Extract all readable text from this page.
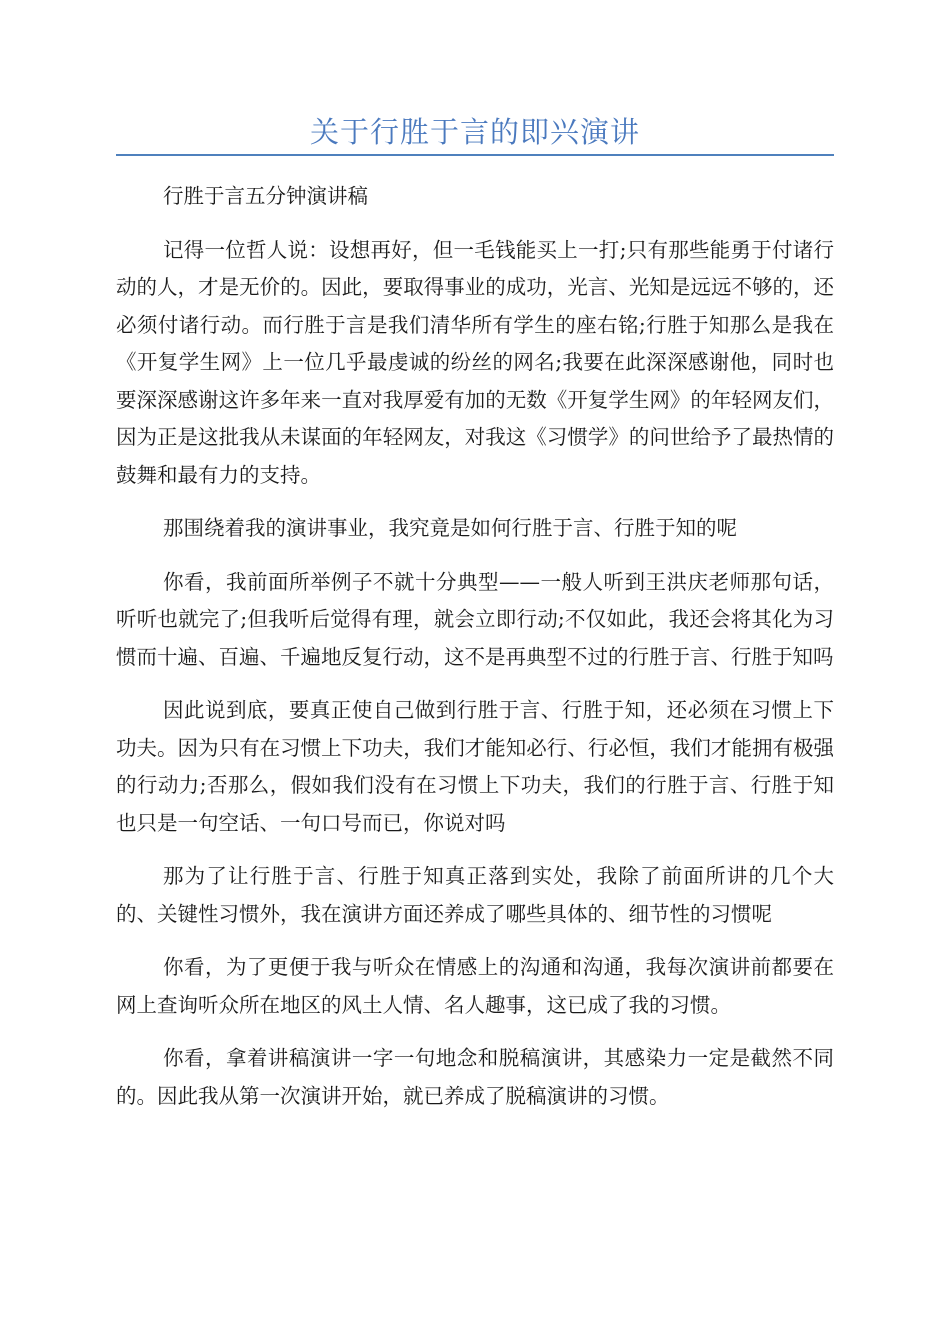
关于行胜于言的即兴演讲

行胜于言五分钟演讲稿

记得一位哲人说：设想再好，但一毛钱能买上一打;只有那些能勇于付诸行动的人，才是无价的。因此，要取得事业的成功，光言、光知是远远不够的，还必须付诸行动。而行胜于言是我们清华所有学生的座右铭;行胜于知那么是我在《开复学生网》上一位几乎最虔诚的纷丝的网名;我要在此深深感谢他，同时也要深深感谢这许多年来一直对我厚爱有加的无数《开复学生网》的年轻网友们，因为正是这批我从未谋面的年轻网友，对我这《习惯学》的问世给予了最热情的鼓舞和最有力的支持。

那围绕着我的演讲事业，我究竟是如何行胜于言、行胜于知的呢

你看，我前面所举例子不就十分典型——一般人听到王洪庆老师那句话，听听也就完了;但我听后觉得有理，就会立即行动;不仅如此，我还会将其化为习惯而十遍、百遍、千遍地反复行动，这不是再典型不过的行胜于言、行胜于知吗

因此说到底，要真正使自己做到行胜于言、行胜于知，还必须在习惯上下功夫。因为只有在习惯上下功夫，我们才能知必行、行必恒，我们才能拥有极强的行动力;否那么，假如我们没有在习惯上下功夫，我们的行胜于言、行胜于知也只是一句空话、一句口号而已，你说对吗

那为了让行胜于言、行胜于知真正落到实处，我除了前面所讲的几个大的、关键性习惯外，我在演讲方面还养成了哪些具体的、细节性的习惯呢

你看，为了更便于我与听众在情感上的沟通和沟通，我每次演讲前都要在网上查询听众所在地区的风土人情、名人趣事，这已成了我的习惯。

你看，拿着讲稿演讲一字一句地念和脱稿演讲，其感染力一定是截然不同的。因此我从第一次演讲开始，就已养成了脱稿演讲的习惯。
